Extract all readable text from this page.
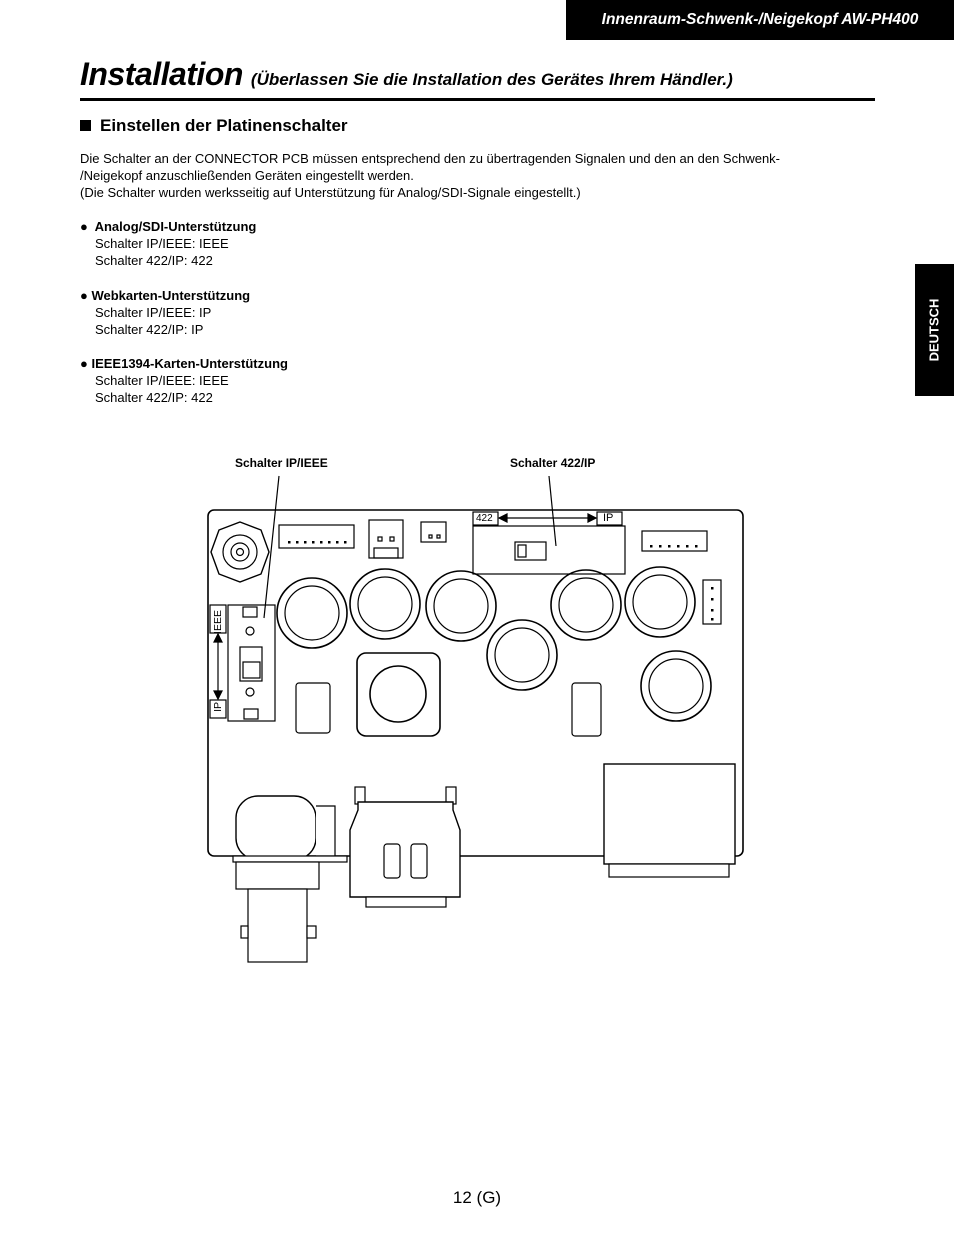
Innenraum-Schwenk-/Neigekopf AW-PH400
Installation (Überlassen Sie die Installation des Gerätes Ihrem Händler.)
Einstellen der Platinenschalter

Die Schalter an der CONNECTOR PCB müssen entsprechend den zu übertragenden Signalen und den an den Schwenk-

/Neigekopf anzuschließenden Geräten eingestellt werden.

(Die Schalter wurden werksseitig auf Unterstützung für Analog/SDI-Signale eingestellt.)

●  Analog/SDI-Unterstützung
Schalter IP/IEEE: IEEE
Schalter 422/IP: 422
● Webkarten-Unterstützung
Schalter IP/IEEE: IP
Schalter 422/IP: IP
● IEEE1394-Karten-Unterstützung
Schalter IP/IEEE: IEEE
Schalter 422/IP: 422
DEUTSCH
Schalter IP/IEEE	Schalter 422/IP
IEEE
IP
422	IP
12 (G)
